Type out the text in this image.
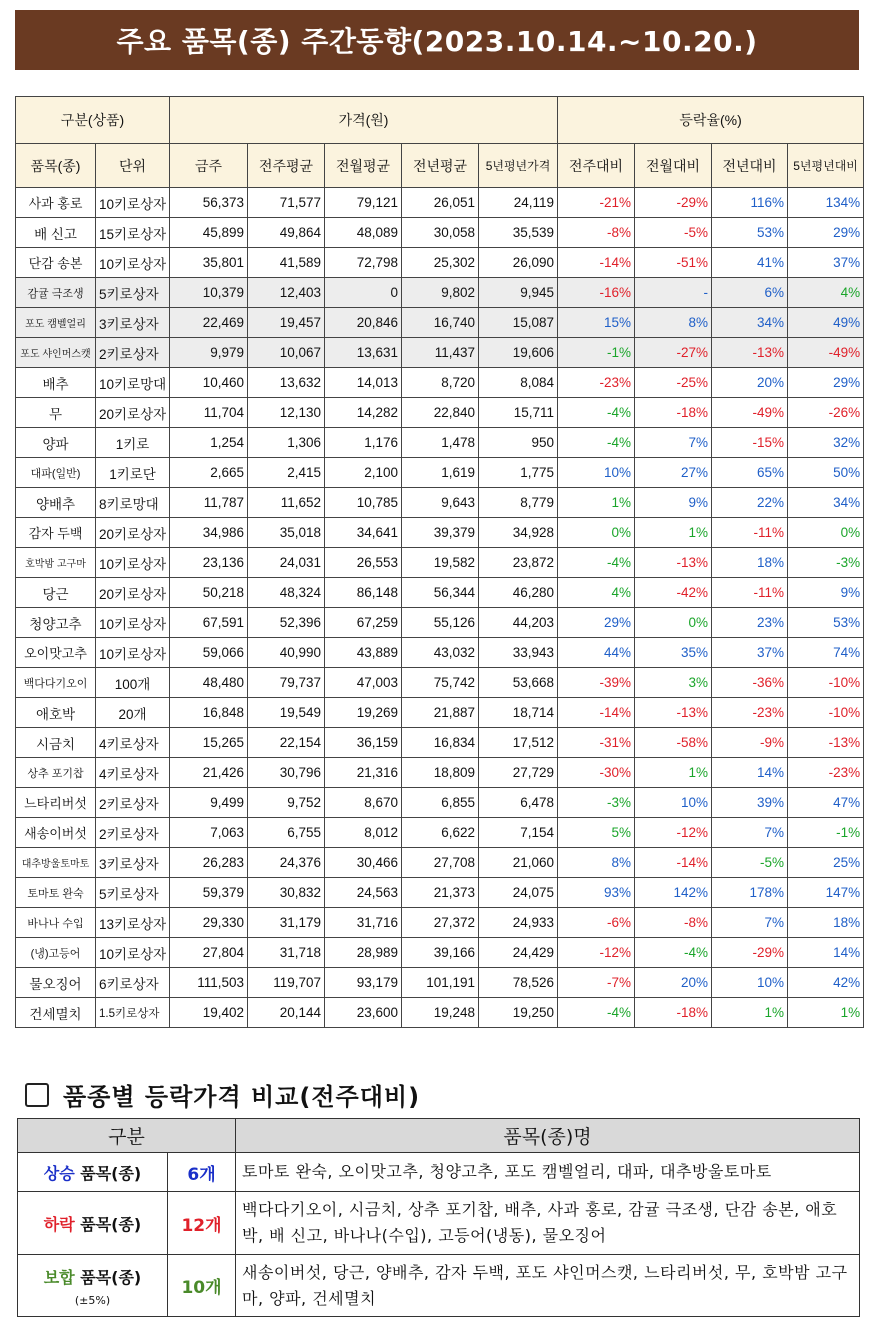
주요 품목(종) 주간동향(2023.10.14.~10.20.)
구분(상품)		가격(원)					등락율(%)			
품목(종)	단위	금주	전주평균	전월평균	전년평균	5년평년가격	전주대비	전월대비	전년대비	5년평년대비
사과 홍로	10키로상자	56,373	71,577	79,121	26,051	24,119	-21%	-29%	116%	134%
배 신고	15키로상자	45,899	49,864	48,089	30,058	35,539	-8%	-5%	53%	29%
단감 송본	10키로상자	35,801	41,589	72,798	25,302	26,090	-14%	-51%	41%	37%
감귤 극조생	5키로상자	10,379	12,403	0	9,802	9,945	-16%	-	6%	4%
포도 캠벨얼리	3키로상자	22,469	19,457	20,846	16,740	15,087	15%	8%	34%	49%
포도 샤인머스캣	2키로상자	9,979	10,067	13,631	11,437	19,606	-1%	-27%	-13%	-49%
배추	10키로망대	10,460	13,632	14,013	8,720	8,084	-23%	-25%	20%	29%
무	20키로상자	11,704	12,130	14,282	22,840	15,711	-4%	-18%	-49%	-26%
양파	1키로	1,254	1,306	1,176	1,478	950	-4%	7%	-15%	32%
대파(일반)	1키로단	2,665	2,415	2,100	1,619	1,775	10%	27%	65%	50%
양배추	8키로망대	11,787	11,652	10,785	9,643	8,779	1%	9%	22%	34%
감자 두백	20키로상자	34,986	35,018	34,641	39,379	34,928	0%	1%	-11%	0%
호박밤 고구마	10키로상자	23,136	24,031	26,553	19,582	23,872	-4%	-13%	18%	-3%
당근	20키로상자	50,218	48,324	86,148	56,344	46,280	4%	-42%	-11%	9%
청양고추	10키로상자	67,591	52,396	67,259	55,126	44,203	29%	0%	23%	53%
오이맛고추	10키로상자	59,066	40,990	43,889	43,032	33,943	44%	35%	37%	74%
백다다기오이	100개	48,480	79,737	47,003	75,742	53,668	-39%	3%	-36%	-10%
애호박	20개	16,848	19,549	19,269	21,887	18,714	-14%	-13%	-23%	-10%
시금치	4키로상자	15,265	22,154	36,159	16,834	17,512	-31%	-58%	-9%	-13%
상추 포기찹	4키로상자	21,426	30,796	21,316	18,809	27,729	-30%	1%	14%	-23%
느타리버섯	2키로상자	9,499	9,752	8,670	6,855	6,478	-3%	10%	39%	47%
새송이버섯	2키로상자	7,063	6,755	8,012	6,622	7,154	5%	-12%	7%	-1%
대추방울토마토	3키로상자	26,283	24,376	30,466	27,708	21,060	8%	-14%	-5%	25%
토마토 완숙	5키로상자	59,379	30,832	24,563	21,373	24,075	93%	142%	178%	147%
바나나 수입	13키로상자	29,330	31,179	31,716	27,372	24,933	-6%	-8%	7%	18%
(냉)고등어	10키로상자	27,804	31,718	28,989	39,166	24,429	-12%	-4%	-29%	14%
물오징어	6키로상자	111,503	119,707	93,179	101,191	78,526	-7%	20%	10%	42%
건세멸치	1.5키로상자	19,402	20,144	23,600	19,248	19,250	-4%	-18%	1%	1%
품종별 등락가격 비교(전주대비)
구분		품목(종)명
상승 품목(종)	6개	토마토 완숙, 오이맛고추, 청양고추, 포도 캠벨얼리, 대파, 대추방울토마토
하락 품목(종)	12개	백다다기오이, 시금치, 상추 포기찹, 배추, 사과 홍로, 감귤 극조생, 단감 송본, 애호박, 배 신고, 바나나(수입), 고등어(냉동), 물오징어
보합 품목(종)
(±5%)	10개	새송이버섯, 당근, 양배추, 감자 두백, 포도 샤인머스캣, 느타리버섯, 무, 호박밤 고구마, 양파, 건세멸치
